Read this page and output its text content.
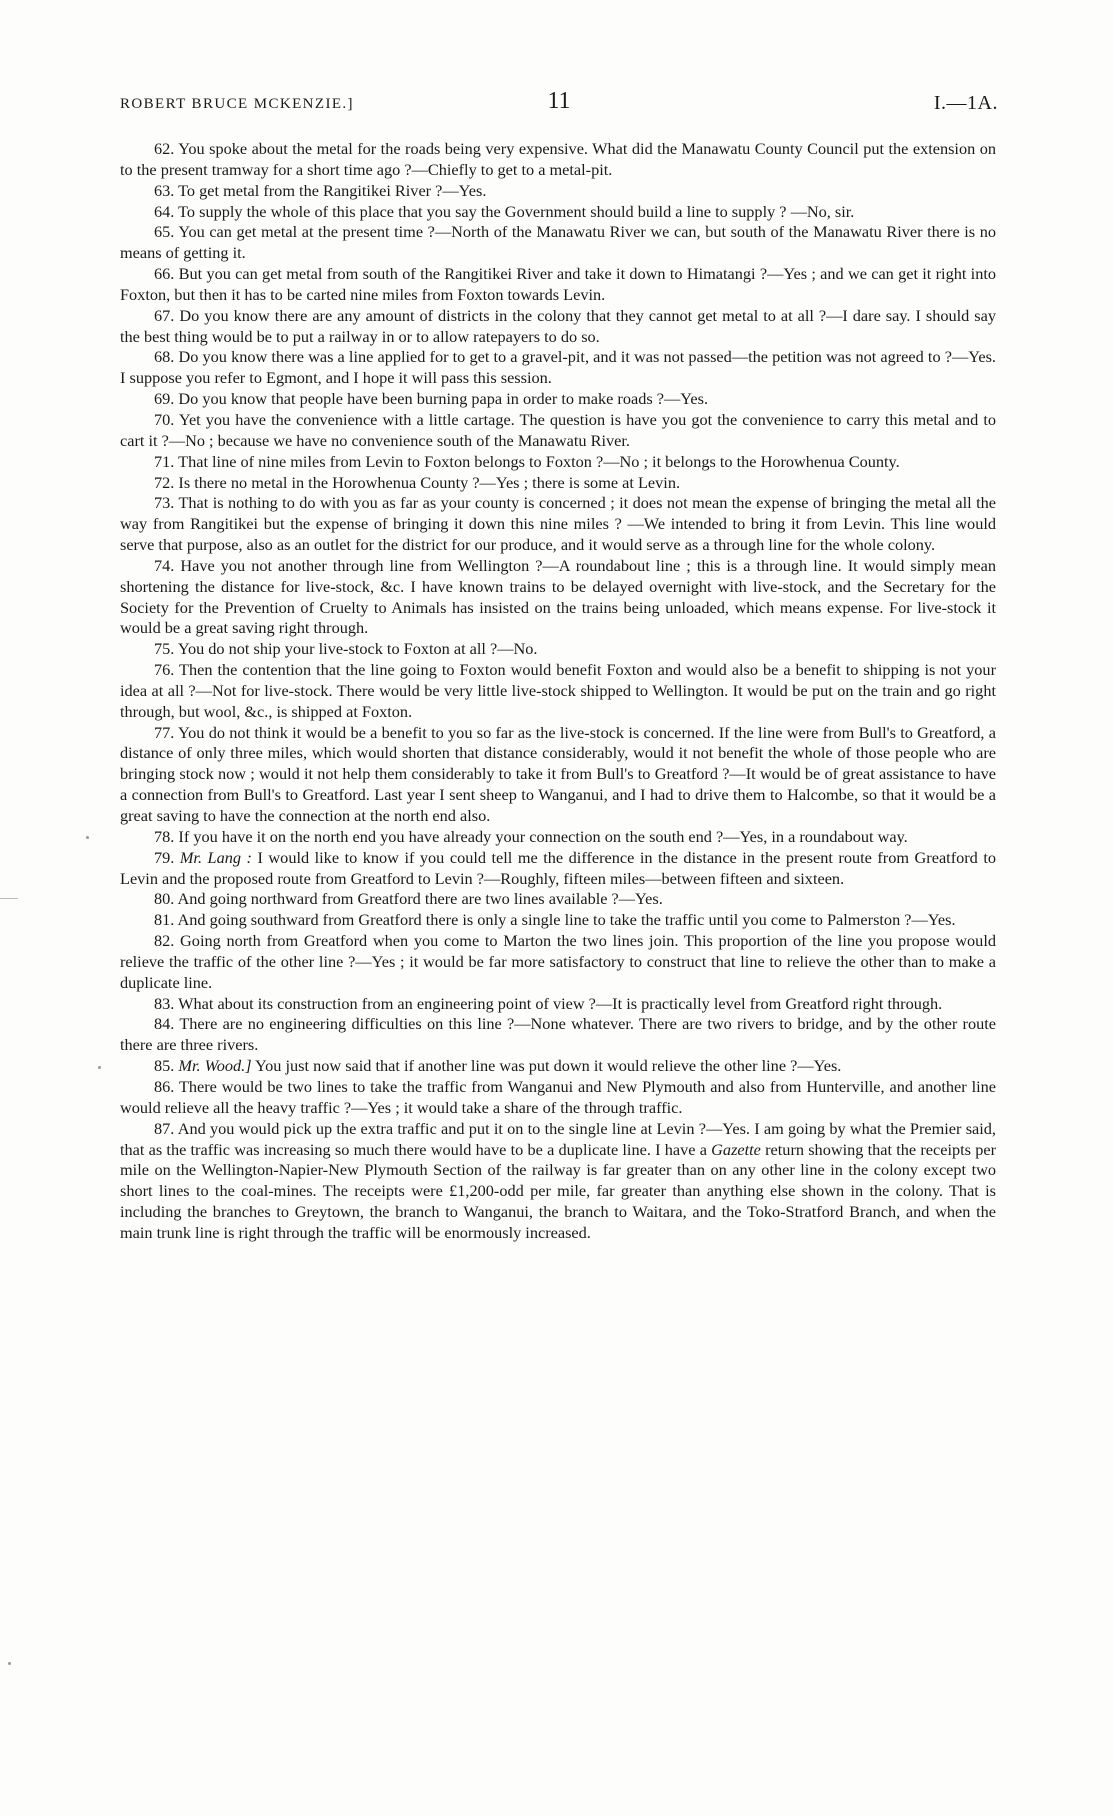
ROBERT BRUCE MCKENZIE.]	11	I.—1A.

62. You spoke about the metal for the roads being very expensive. What did the Manawatu County Council put the extension on to the present tramway for a short time ago ?—Chiefly to get to a metal-pit.

63. To get metal from the Rangitikei River ?—Yes.

64. To supply the whole of this place that you say the Government should build a line to supply ? —No, sir.

65. You can get metal at the present time ?—North of the Manawatu River we can, but south of the Manawatu River there is no means of getting it.

66. But you can get metal from south of the Rangitikei River and take it down to Himatangi ?—Yes ; and we can get it right into Foxton, but then it has to be carted nine miles from Foxton towards Levin.

67. Do you know there are any amount of districts in the colony that they cannot get metal to at all ?—I dare say. I should say the best thing would be to put a railway in or to allow ratepayers to do so.

68. Do you know there was a line applied for to get to a gravel-pit, and it was not passed—the petition was not agreed to ?—Yes. I suppose you refer to Egmont, and I hope it will pass this session.

69. Do you know that people have been burning papa in order to make roads ?—Yes.

70. Yet you have the convenience with a little cartage. The question is have you got the convenience to carry this metal and to cart it ?—No ; because we have no convenience south of the Manawatu River.

71. That line of nine miles from Levin to Foxton belongs to Foxton ?—No ; it belongs to the Horowhenua County.

72. Is there no metal in the Horowhenua County ?—Yes ; there is some at Levin.

73. That is nothing to do with you as far as your county is concerned ; it does not mean the expense of bringing the metal all the way from Rangitikei but the expense of bringing it down this nine miles ? —We intended to bring it from Levin. This line would serve that purpose, also as an outlet for the district for our produce, and it would serve as a through line for the whole colony.

74. Have you not another through line from Wellington ?—A roundabout line ; this is a through line. It would simply mean shortening the distance for live-stock, &c. I have known trains to be delayed overnight with live-stock, and the Secretary for the Society for the Prevention of Cruelty to Animals has insisted on the trains being unloaded, which means expense. For live-stock it would be a great saving right through.

75. You do not ship your live-stock to Foxton at all ?—No.

76. Then the contention that the line going to Foxton would benefit Foxton and would also be a benefit to shipping is not your idea at all ?—Not for live-stock. There would be very little live-stock shipped to Wellington. It would be put on the train and go right through, but wool, &c., is shipped at Foxton.

77. You do not think it would be a benefit to you so far as the live-stock is concerned. If the line were from Bull's to Greatford, a distance of only three miles, which would shorten that distance considerably, would it not benefit the whole of those people who are bringing stock now ; would it not help them considerably to take it from Bull's to Greatford ?—It would be of great assistance to have a connection from Bull's to Greatford. Last year I sent sheep to Wanganui, and I had to drive them to Halcombe, so that it would be a great saving to have the connection at the north end also.

78. If you have it on the north end you have already your connection on the south end ?—Yes, in a roundabout way.

79. Mr. Lang : I would like to know if you could tell me the difference in the distance in the present route from Greatford to Levin and the proposed route from Greatford to Levin ?—Roughly, fifteen miles—between fifteen and sixteen.

80. And going northward from Greatford there are two lines available ?—Yes.

81. And going southward from Greatford there is only a single line to take the traffic until you come to Palmerston ?—Yes.

82. Going north from Greatford when you come to Marton the two lines join. This proportion of the line you propose would relieve the traffic of the other line ?—Yes ; it would be far more satisfactory to construct that line to relieve the other than to make a duplicate line.

83. What about its construction from an engineering point of view ?—It is practically level from Greatford right through.

84. There are no engineering difficulties on this line ?—None whatever. There are two rivers to bridge, and by the other route there are three rivers.

85. Mr. Wood.] You just now said that if another line was put down it would relieve the other line ?—Yes.

86. There would be two lines to take the traffic from Wanganui and New Plymouth and also from Hunterville, and another line would relieve all the heavy traffic ?—Yes ; it would take a share of the through traffic.

87. And you would pick up the extra traffic and put it on to the single line at Levin ?—Yes. I am going by what the Premier said, that as the traffic was increasing so much there would have to be a duplicate line. I have a Gazette return showing that the receipts per mile on the Wellington-Napier-New Plymouth Section of the railway is far greater than on any other line in the colony except two short lines to the coal-mines. The receipts were £1,200-odd per mile, far greater than anything else shown in the colony. That is including the branches to Greytown, the branch to Wanganui, the branch to Waitara, and the Toko-Stratford Branch, and when the main trunk line is right through the traffic will be enormously increased.
